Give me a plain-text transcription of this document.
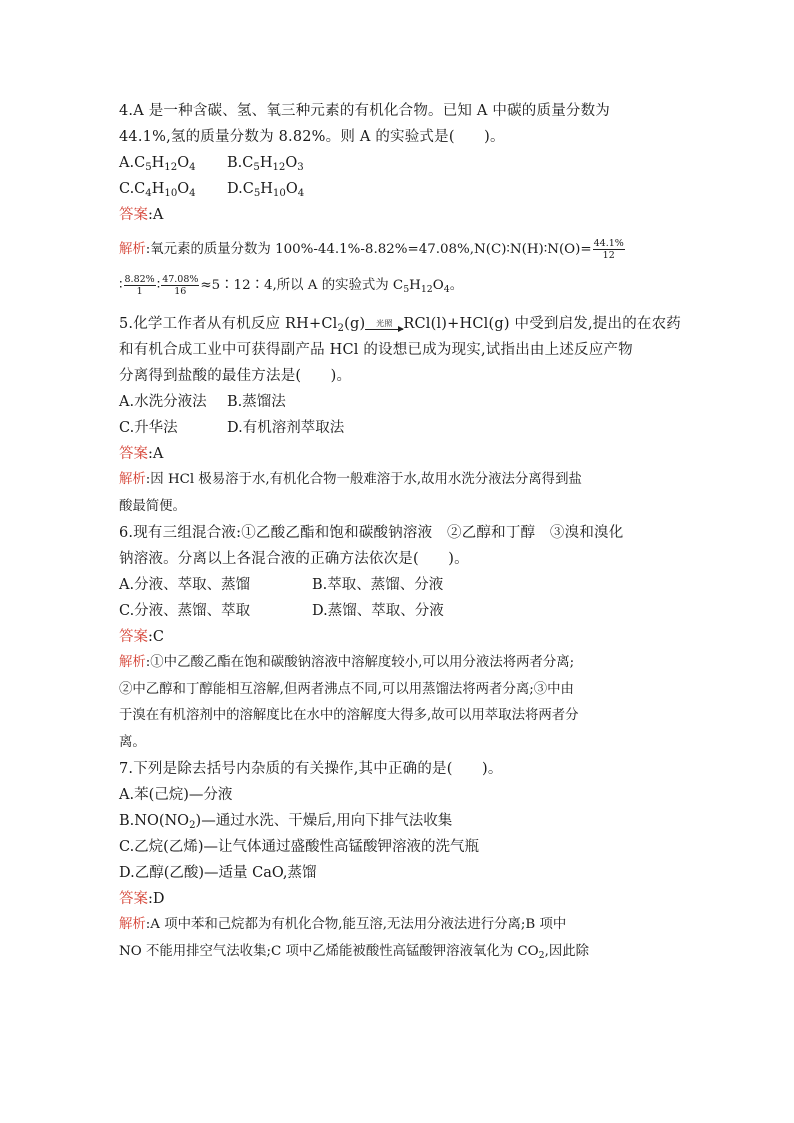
4.A 是一种含碳、氢、氧三种元素的有机化合物。已知 A 中碳的质量分数为
44.1%,氢的质量分数为 8.82%。则 A 的实验式是(　　)。
$A.C_5H_{12}O_4$	$B.C_5H_{12}O_3$
$C.C_4H_{10}O_4$	$D.C_5H_{10}O_4$
答案:A
解析:氧元素的质量分数为 100%-44.1%-8.82%=47.08%,N(C)∶N(H)∶N(O)= $\frac{44.1\%}{12}$
∶ $\frac{8.82\%}{1}$ ∶ $\frac{47.08\%}{16}$ ≈5∶12∶4,所以 A 的实验式为 $C_5H_{12}O_4$。
5.化学工作者从有机反应 $RH+Cl_2(g)$	光照 RCl(l)+HCl(g) 中受到启发,提出的在农药
和有机合成工业中可获得副产品 HCl 的设想已成为现实,试指出由上述反应产物
分离得到盐酸的最佳方法是(　　)。
A.水洗分液法	B.蒸馏法
C.升华法	D.有机溶剂萃取法
答案:A
解析:因 HCl 极易溶于水,有机化合物一般难溶于水,故用水洗分液法分离得到盐
酸最简便。
6.现有三组混合液:①乙酸乙酯和饱和碳酸钠溶液　②乙醇和丁醇　③溴和溴化
钠溶液。分离以上各混合液的正确方法依次是(　　)。
A.分液、萃取、蒸馏	B.萃取、蒸馏、分液
C.分液、蒸馏、萃取	D.蒸馏、萃取、分液
答案:C
解析:①中乙酸乙酯在饱和碳酸钠溶液中溶解度较小,可以用分液法将两者分离;
②中乙醇和丁醇能相互溶解,但两者沸点不同,可以用蒸馏法将两者分离;③中由
于溴在有机溶剂中的溶解度比在水中的溶解度大得多,故可以用萃取法将两者分
离。
7.下列是除去括号内杂质的有关操作,其中正确的是(　　)。
A.苯(己烷)—分液
$B.NO(NO_2)—$通过水洗、干燥后,用向下排气法收集
C.乙烷(乙烯)—让气体通过盛酸性高锰酸钾溶液的洗气瓶
D.乙醇(乙酸)—适量 CaO,蒸馏
答案:D
解析:A 项中苯和己烷都为有机化合物,能互溶,无法用分液法进行分离;B 项中
NO 不能用排空气法收集;C 项中乙烯能被酸性高锰酸钾溶液氧化为 $CO_2$,因此除
